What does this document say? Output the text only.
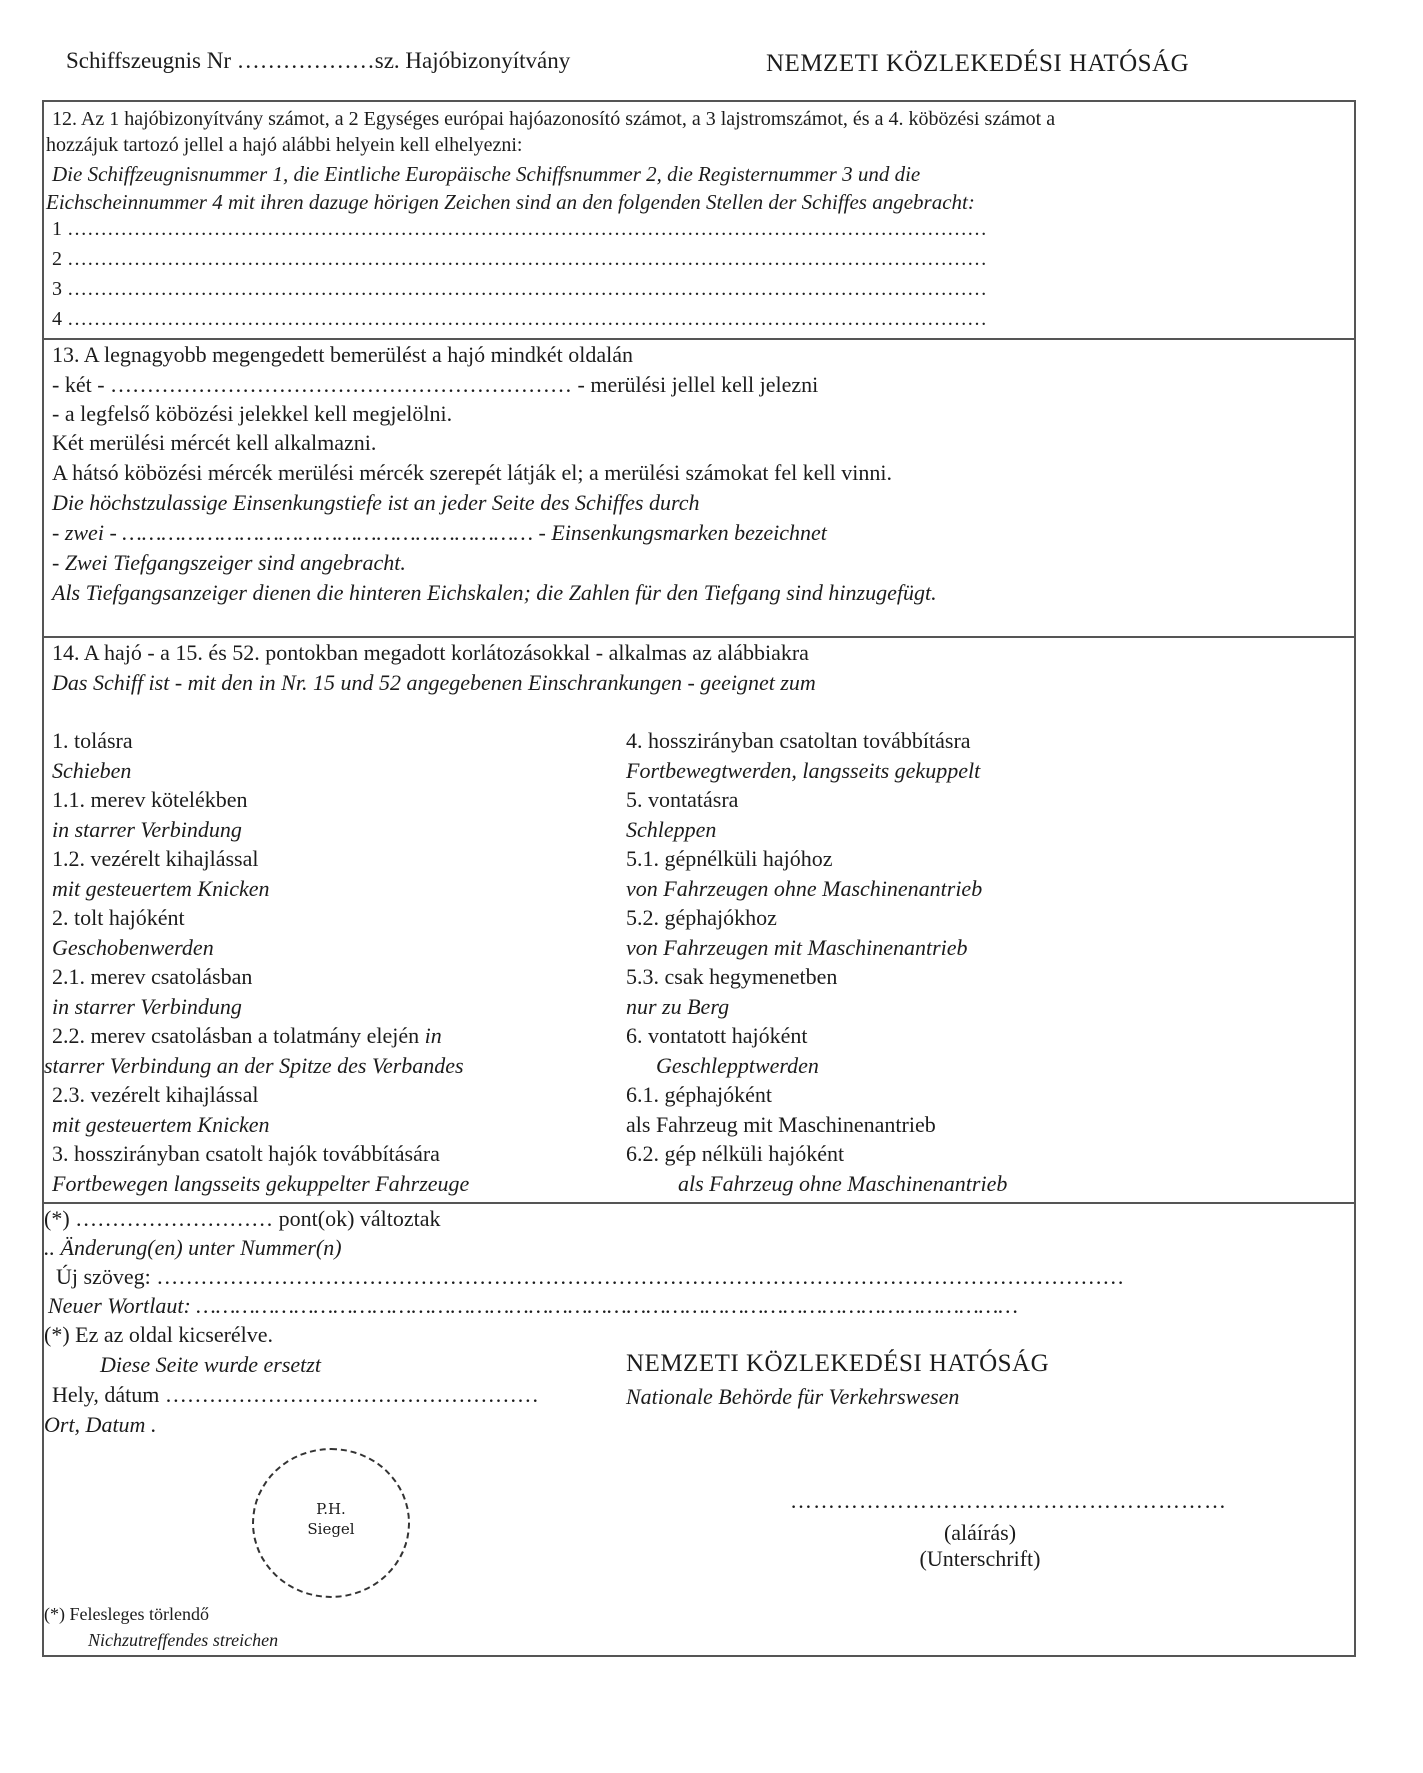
Schiffszeugnis Nr ………………sz. Hajóbizonyítvány	NEMZETI KÖZLEKEDÉSI HATÓSÁG
12. Az 1 hajóbizonyítvány számot, a 2 Egységes európai hajóazonosító számot, a 3 lajstromszámot, és a 4. köbözési számot a
hozzájuk tartozó jellel a hajó alábbi helyein kell elhelyezni:
Die Schiffzeugnisnummer 1, die Eintliche Europäische Schiffsnummer 2, die Registernummer 3 und die
Eichscheinnummer 4 mit ihren dazuge hörigen Zeichen sind an den folgenden Stellen der Schiffes angebracht:
1 …………………………………………………………………………………………………………………………
2 …………………………………………………………………………………………………………………………
3 …………………………………………………………………………………………………………………………
4 …………………………………………………………………………………………………………………………
13. A legnagyobb megengedett bemerülést a hajó mindkét oldalán
- két - ……………………………………………………… - merülési jellel kell jelezni
- a legfelső köbözési jelekkel kell megjelölni.
Két merülési mércét kell alkalmazni.
A hátsó köbözési mércék merülési mércék szerepét látják el; a merülési számokat fel kell vinni.
Die höchstzulassige Einsenkungstiefe ist an jeder Seite des Schiffes durch
- zwei - ……………………………………………………… - Einsenkungsmarken bezeichnet
- Zwei Tiefgangszeiger sind angebracht.
Als Tiefgangsanzeiger dienen die hinteren Eichskalen; die Zahlen für den Tiefgang sind hinzugefügt.
14. A hajó - a 15. és 52. pontokban megadott korlátozásokkal - alkalmas az alábbiakra
Das Schiff ist - mit den in Nr. 15 und 52 angegebenen Einschrankungen - geeignet zum
1. tolásra
Schieben
1.1. merev kötelékben
in starrer Verbindung
1.2. vezérelt kihajlással
mit gesteuertem Knicken
2. tolt hajóként
Geschobenwerden
2.1. merev csatolásban
in starrer Verbindung
2.2. merev csatolásban a tolatmány elején in
starrer Verbindung an der Spitze des Verbandes
2.3. vezérelt kihajlással
mit gesteuertem Knicken
3. hosszirányban csatolt hajók továbbítására
Fortbewegen langsseits gekuppelter Fahrzeuge
4. hosszirányban csatoltan továbbításra
Fortbewegtwerden, langsseits gekuppelt
5. vontatásra
Schleppen
5.1. gépnélküli hajóhoz
von Fahrzeugen ohne Maschinenantrieb
5.2. géphajókhoz
von Fahrzeugen mit Maschinenantrieb
5.3. csak hegymenetben
nur zu Berg
6. vontatott hajóként
Geschlepptwerden
6.1. géphajóként
als Fahrzeug mit Maschinenantrieb
6.2. gép nélküli hajóként
als Fahrzeug ohne Maschinenantrieb
(*) ……………………… pont(ok) változtak
.. Änderung(en) unter Nummer(n)
Új szöveg: ……………………………………………………………………………………………………………………
Neuer Wortlaut: ………………………………………………………………………………………………………………
(*) Ez az oldal kicserélve.
Diese Seite wurde ersetzt
Hely, dátum ……………………………………………
Ort, Datum .
NEMZETI KÖZLEKEDÉSI HATÓSÁG
Nationale Behörde für Verkehrswesen
P.H.
Siegel
…………………………………………………
(aláírás)
(Unterschrift)
(*) Felesleges törlendő
Nichzutreffendes streichen
